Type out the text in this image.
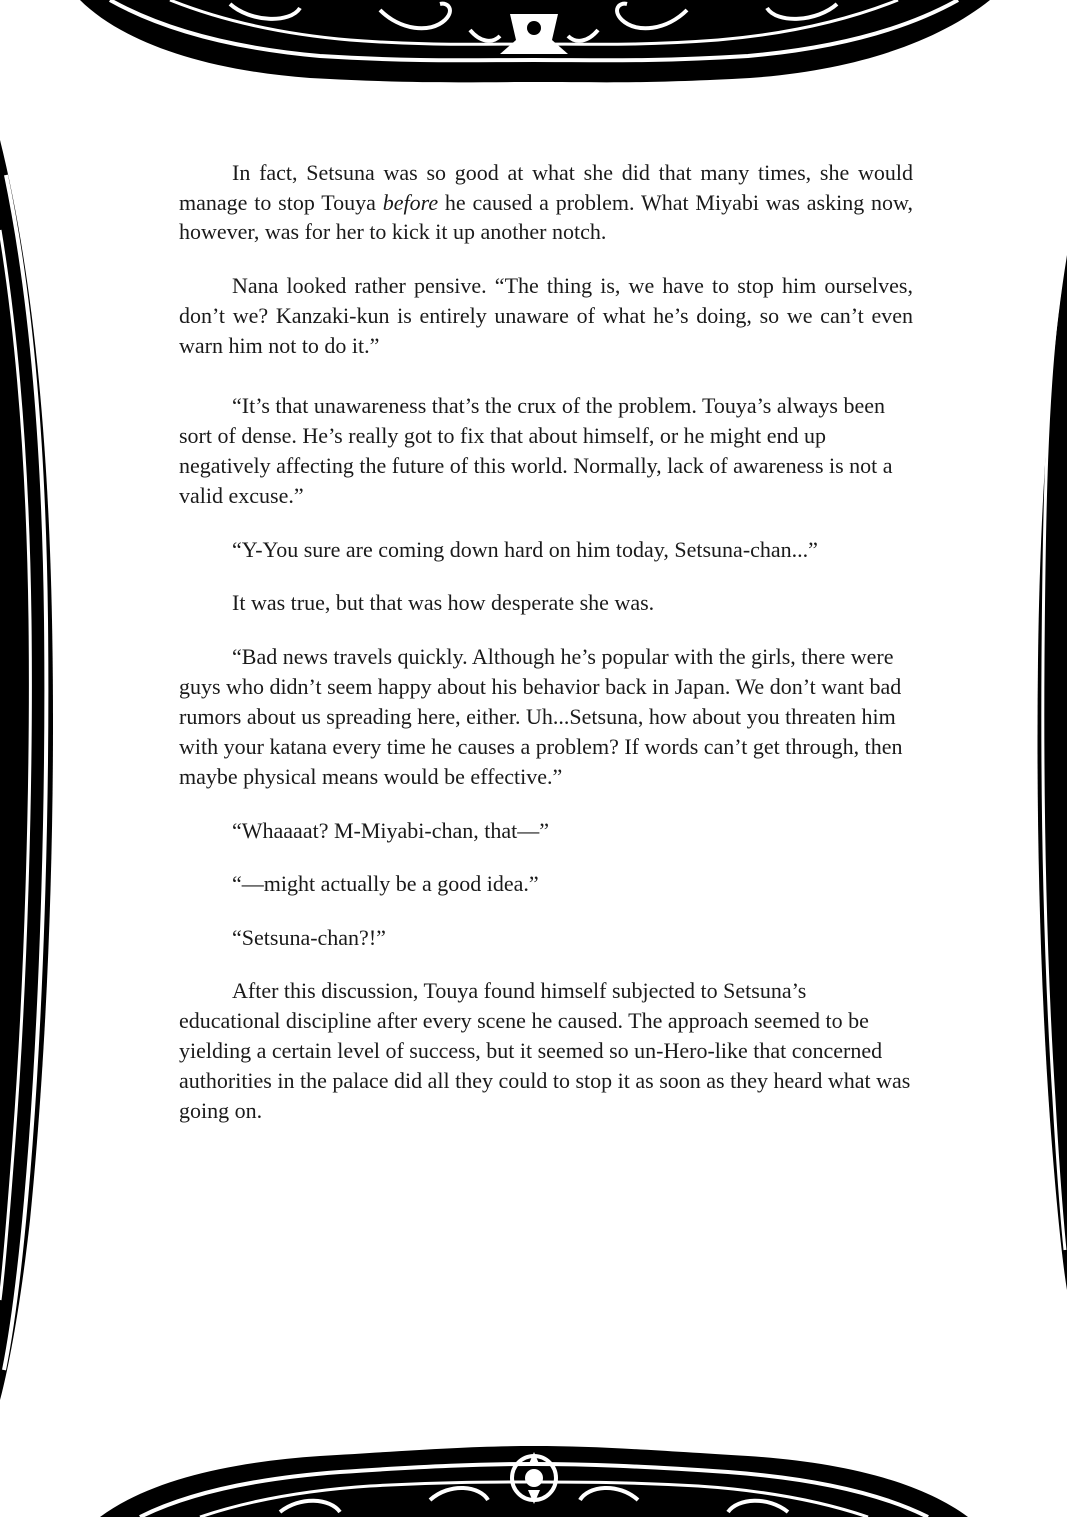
In fact, Setsuna was so good at what she did that many times, she would manage to stop Touya before he caused a problem. What Miyabi was asking now, however, was for her to kick it up another notch.

Nana looked rather pensive. “The thing is, we have to stop him ourselves, don’t we? Kanzaki-kun is entirely unaware of what he’s doing, so we can’t even warn him not to do it.”

“It’s that unawareness that’s the crux of the problem. Touya’s always been sort of dense. He’s really got to fix that about himself, or he might end up negatively affecting the future of this world. Normally, lack of awareness is not a valid excuse.”

“Y-You sure are coming down hard on him today, Setsuna-chan...”

It was true, but that was how desperate she was.

“Bad news travels quickly. Although he’s popular with the girls, there were guys who didn’t seem happy about his behavior back in Japan. We don’t want bad rumors about us spreading here, either. Uh...Setsuna, how about you threaten him with your katana every time he causes a problem? If words can’t get through, then maybe physical means would be effective.”

“Whaaaat? M-Miyabi-chan, that—”

“—might actually be a good idea.”

“Setsuna-chan?!”

After this discussion, Touya found himself subjected to Setsuna’s educational discipline after every scene he caused. The approach seemed to be yielding a certain level of success, but it seemed so un-Hero-like that concerned authorities in the palace did all they could to stop it as soon as they heard what was going on.
